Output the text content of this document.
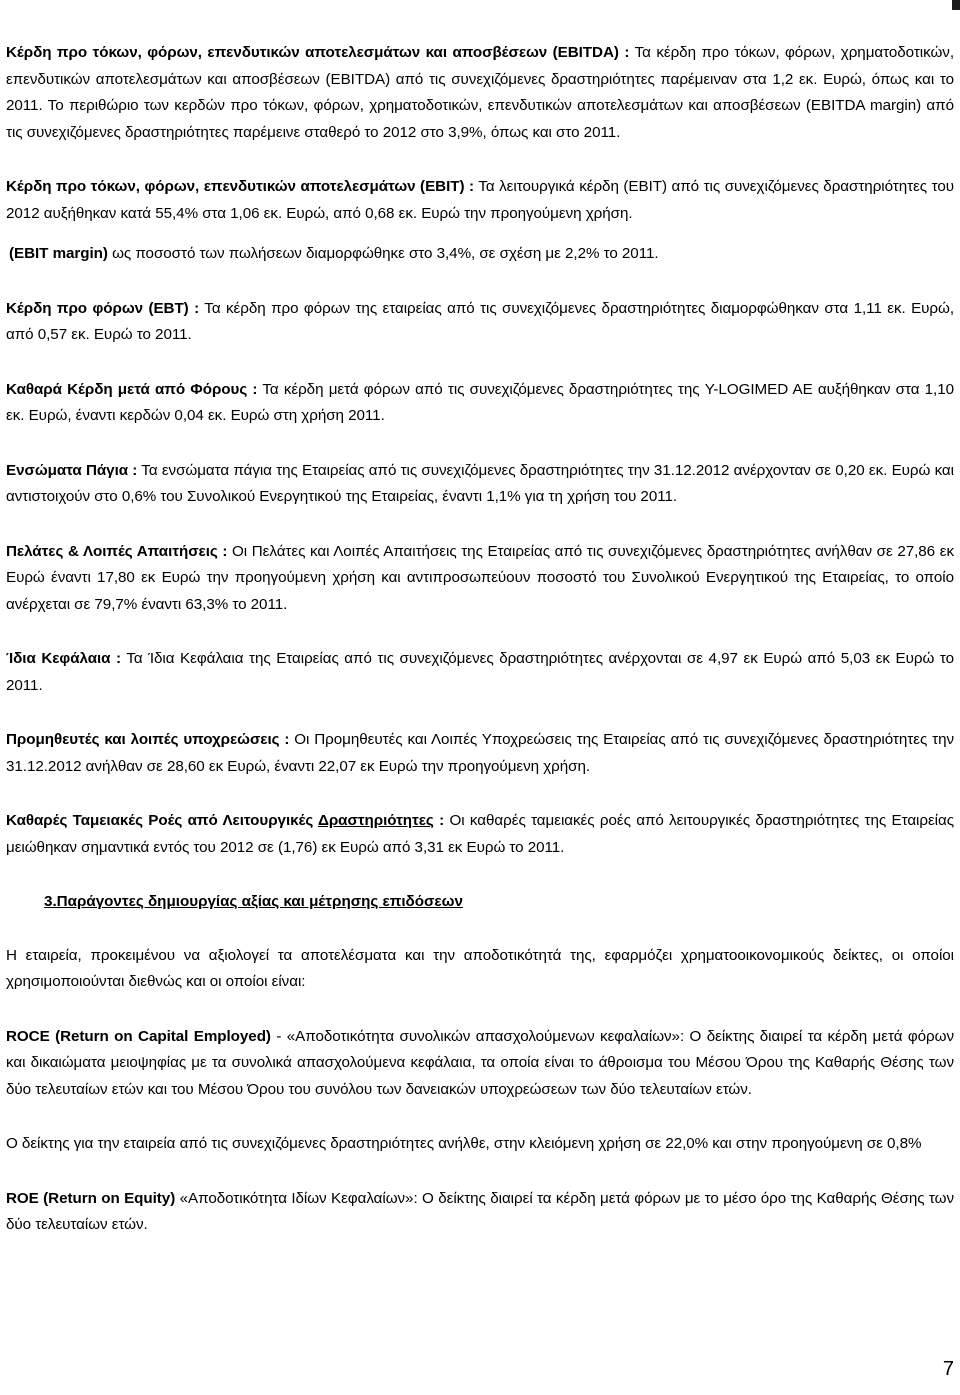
Κέρδη προ τόκων, φόρων, επενδυτικών αποτελεσμάτων και αποσβέσεων (EBITDA) : Τα κέρδη προ τόκων, φόρων, χρηματοδοτικών, επενδυτικών αποτελεσμάτων και αποσβέσεων (EBITDA) από τις συνεχιζόμενες δραστηριότητες παρέμειναν στα 1,2 εκ. Ευρώ, όπως και το 2011. Το περιθώριο των κερδών προ τόκων, φόρων, χρηματοδοτικών, επενδυτικών αποτελεσμάτων και αποσβέσεων (EBITDA margin) από τις συνεχιζόμενες δραστηριότητες παρέμεινε σταθερό το 2012 στο 3,9%, όπως και στο 2011.

Κέρδη προ τόκων, φόρων, επενδυτικών αποτελεσμάτων (EBIT) : Τα λειτουργικά κέρδη (EBIT) από τις συνεχιζόμενες δραστηριότητες του 2012 αυξήθηκαν κατά 55,4% στα 1,06 εκ. Ευρώ, από 0,68 εκ. Ευρώ την προηγούμενη χρήση.

(EBIT margin) ως ποσοστό των πωλήσεων διαμορφώθηκε στο 3,4%, σε σχέση με 2,2% το 2011.

Κέρδη προ φόρων (EBT) : Τα κέρδη προ φόρων της εταιρείας από τις συνεχιζόμενες δραστηριότητες διαμορφώθηκαν στα 1,11 εκ. Ευρώ, από 0,57 εκ. Ευρώ το 2011.

Καθαρά Κέρδη μετά από Φόρους : Τα κέρδη μετά φόρων από τις συνεχιζόμενες δραστηριότητες της Y-LOGIMED AE αυξήθηκαν στα 1,10 εκ. Ευρώ, έναντι κερδών 0,04 εκ. Ευρώ στη χρήση 2011.

Ενσώματα Πάγια : Τα ενσώματα πάγια της Εταιρείας από τις συνεχιζόμενες δραστηριότητες την 31.12.2012 ανέρχονταν σε 0,20 εκ. Ευρώ και αντιστοιχούν στο 0,6% του Συνολικού Ενεργητικού της Εταιρείας, έναντι 1,1% για τη χρήση του 2011.

Πελάτες & Λοιπές Απαιτήσεις : Οι Πελάτες και Λοιπές Απαιτήσεις της Εταιρείας από τις συνεχιζόμενες δραστηριότητες ανήλθαν σε 27,86 εκ Ευρώ έναντι 17,80 εκ Ευρώ την προηγούμενη χρήση και αντιπροσωπεύουν ποσοστό του Συνολικού Ενεργητικού της Εταιρείας, το οποίο ανέρχεται σε 79,7% έναντι 63,3% το 2011.

Ίδια Κεφάλαια : Τα Ίδια Κεφάλαια της Εταιρείας από τις συνεχιζόμενες δραστηριότητες ανέρχονται σε 4,97 εκ Ευρώ από 5,03 εκ Ευρώ το 2011.

Προμηθευτές και λοιπές υποχρεώσεις : Οι Προμηθευτές και Λοιπές Υποχρεώσεις της Εταιρείας από τις συνεχιζόμενες δραστηριότητες την 31.12.2012 ανήλθαν σε 28,60 εκ Ευρώ, έναντι 22,07 εκ Ευρώ την προηγούμενη χρήση.

Καθαρές Ταμειακές Ροές από Λειτουργικές Δραστηριότητες : Οι καθαρές ταμειακές ροές από λειτουργικές δραστηριότητες της Εταιρείας μειώθηκαν σημαντικά εντός του 2012 σε (1,76) εκ Ευρώ από 3,31 εκ Ευρώ το 2011.

3.Παράγοντες δημιουργίας αξίας και μέτρησης επιδόσεων

Η εταιρεία, προκειμένου να αξιολογεί τα αποτελέσματα και την αποδοτικότητά της, εφαρμόζει χρηματοοικονομικούς δείκτες, οι οποίοι χρησιμοποιούνται διεθνώς και οι οποίοι είναι:

ROCE (Return on Capital Employed) - «Αποδοτικότητα συνολικών απασχολούμενων κεφαλαίων»: Ο δείκτης διαιρεί τα κέρδη μετά φόρων και δικαιώματα μειοψηφίας με τα συνολικά απασχολούμενα κεφάλαια, τα οποία είναι το άθροισμα του Μέσου Όρου της Καθαρής Θέσης των δύο τελευταίων ετών και του Μέσου Όρου του συνόλου των δανειακών υποχρεώσεων των δύο τελευταίων ετών.

Ο δείκτης για την εταιρεία από τις συνεχιζόμενες δραστηριότητες ανήλθε, στην κλειόμενη χρήση σε 22,0% και στην προηγούμενη σε 0,8%

ROE (Return on Equity) «Αποδοτικότητα Ιδίων Κεφαλαίων»: Ο δείκτης διαιρεί τα κέρδη μετά φόρων με το μέσο όρο της Καθαρής Θέσης των δύο τελευταίων ετών.

7
